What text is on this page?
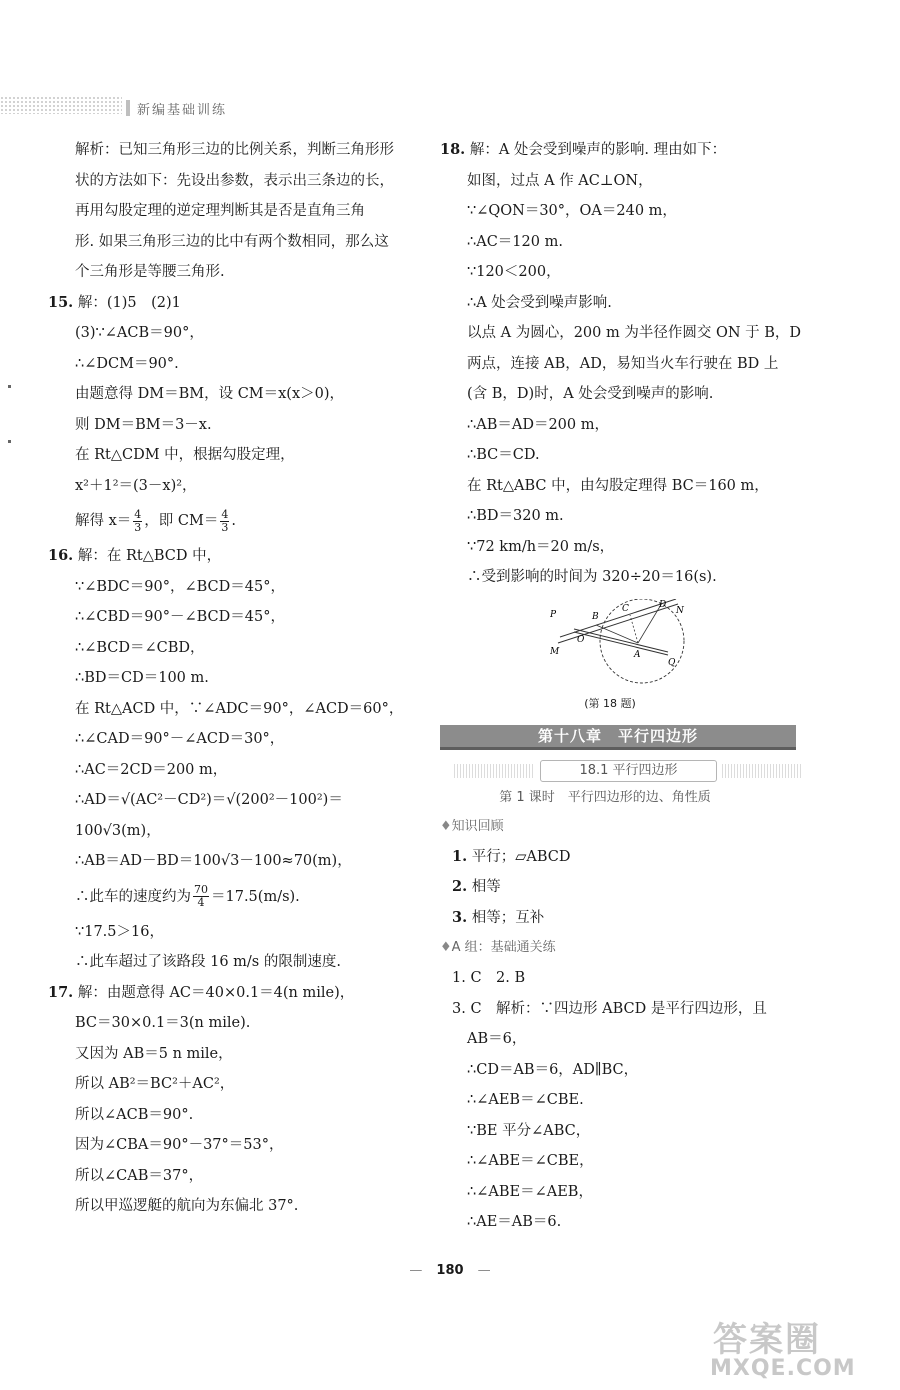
新编基础训练
解析：已知三角形三边的比例关系，判断三角形形
状的方法如下：先设出参数，表示出三条边的长，
再用勾股定理的逆定理判断其是否是直角三角
形. 如果三角形三边的比中有两个数相同，那么这
个三角形是等腰三角形.
15. 解：(1)5　(2)1
(3)∵∠ACB＝90°，
∴∠DCM＝90°.
由题意得 DM＝BM，设 CM＝x(x＞0)，
则 DM＝BM＝3－x.
在 Rt△CDM 中，根据勾股定理，
x²＋1²＝(3－x)²，
解得 $x= \frac{4}{3}$ ，即 $CM= \frac{4}{3}$ .
16. 解：在 Rt△BCD 中，
∵∠BDC＝90°，∠BCD＝45°，
∴∠CBD＝90°－∠BCD＝45°，
∴∠BCD＝∠CBD，
∴BD＝CD＝100 m.
在 Rt△ACD 中，∵∠ADC＝90°，∠ACD＝60°，
∴∠CAD＝90°－∠ACD＝30°，
∴AC＝2CD＝200 m，
∴AD＝√(AC²－CD²)＝√(200²－100²)＝
100√3(m)，
∴AB＝AD－BD＝100√3－100≈70(m)，
∴此车的速度约为 $\frac{70}{4} =17.5(m/s)$.
∵17.5＞16，
∴此车超过了该路段 16 m/s 的限制速度.
17. 解：由题意得 AC＝40×0.1＝4(n mile)，
BC＝30×0.1＝3(n mile).
又因为 AB＝5 n mile，
所以 AB²＝BC²＋AC²，
所以∠ACB＝90°.
因为∠CBA＝90°－37°＝53°，
所以∠CAB＝37°，
所以甲巡逻艇的航向为东偏北 37°.
18. 解：A 处会受到噪声的影响. 理由如下：
如图，过点 A 作 AC⊥ON，
∵∠QON＝30°，OA＝240 m，
∴AC＝120 m.
∵120＜200，
∴A 处会受到噪声影响.
以点 A 为圆心，200 m 为半径作圆交 ON 于 B，D
两点，连接 AB，AD，易知当火车行驶在 BD 上
(含 B，D)时，A 处会受到噪声的影响.
∴AB＝AD＝200 m，
∴BC＝CD.
在 Rt△ABC 中，由勾股定理得 BC＝160 m，
∴BD＝320 m.
∵72 km/h＝20 m/s，
∴受到影响的时间为 320÷20＝16(s).
P	B
C	D
N
O
M	A
Q
(第 18 题)
第十八章　平行四边形
18.1 平行四边形
第 1 课时　平行四边形的边、角性质
♦知识回顾
1. 平行；▱ABCD
2. 相等
3. 相等；互补
♦A 组：基础通关练
1. C　2. B
3. C　解析：∵四边形 ABCD 是平行四边形，且
AB＝6，
∴CD＝AB＝6，AD∥BC，
∴∠AEB＝∠CBE.
∵BE 平分∠ABC，
∴∠ABE＝∠CBE，
∴∠ABE＝∠AEB，
∴AE＝AB＝6.
— 180 —
答案圈
MXQE.COM
